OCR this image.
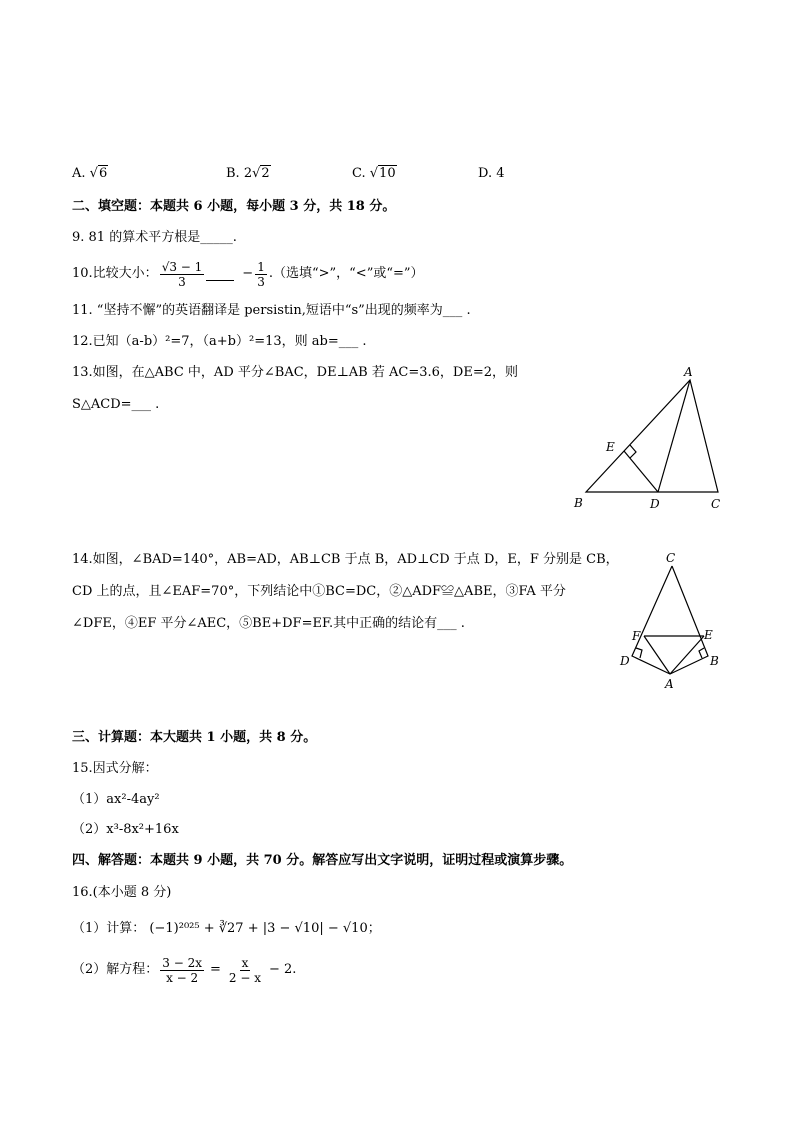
A. √6	B. 2√2	C. √10	D. 4
二、填空题：本题共 6 小题，每小题 3 分，共 18 分。
9. 81 的算术平方根是_____.
10.比较大小： $\frac{√3 - 1}{3}$	− $\frac{1}{3}$ .（选填“>”，“<”或“=”）
11. “坚持不懈”的英语翻译是 persistin,短语中“s”出现的频率为___ .
12.已知（a-b）²=7，（a+b）²=13，则 ab=___ .
13.如图，在△ABC 中，AD 平分∠BAC，DE⊥AB 若 AC=3.6，DE=2，则
S△ACD=___ .
A
B	C
D
E
14.如图，∠BAD=140°，AB=AD，AB⊥CB 于点 B，AD⊥CD 于点 D，E，F 分别是 CB，
CD 上的点，且∠EAF=70°，下列结论中①BC=DC，②△ADF≌△ABE，③FA 平分
∠DFE，④EF 平分∠AEC，⑤BE+DF=EF.其中正确的结论有___ .
C
F	E
D	B
A
三、计算题：本大题共 1 小题，共 8 分。
15.因式分解：
（1）ax²-4ay²
（2）x³-8x²+16x
四、解答题：本题共 9 小题，共 70 分。解答应写出文字说明，证明过程或演算步骤。
16.(本小题 8 分)
（1）计算： (−1)²⁰²⁵ + ∛27 + |3 − √10| − √10；
（2）解方程： $\frac{3 - 2x}{x - 2} = \frac{x}{2 - x} - 2$.
